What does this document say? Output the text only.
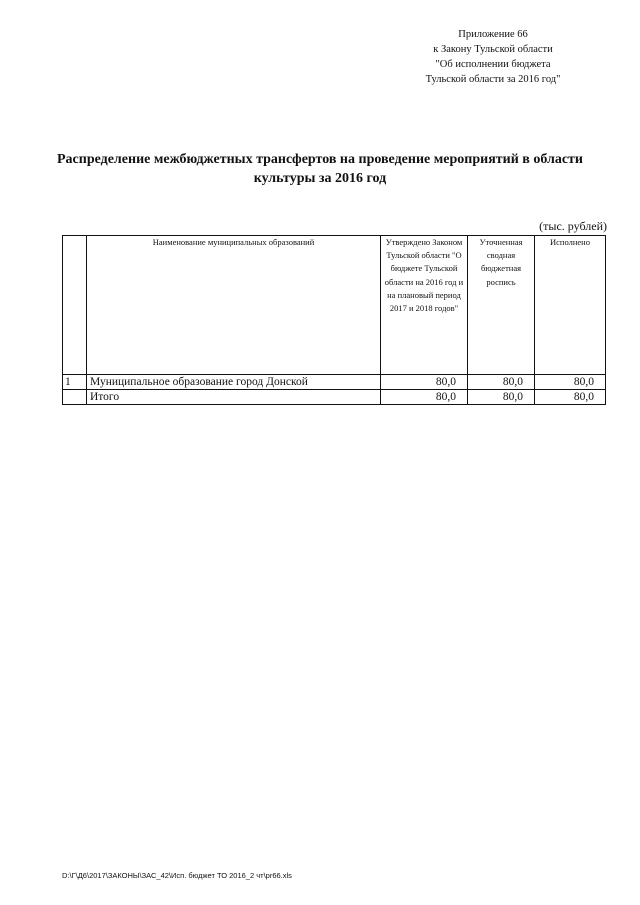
Приложение 66
к Закону Тульской области
"Об исполнении бюджета
Тульской области за 2016 год"
Распределение межбюджетных трансфертов на проведение мероприятий в области
культуры за 2016 год
(тыс. рублей)
	Наименование муниципальных образований	Утверждено Законом Тульской области "О бюджете Тульской области на 2016 год и на плановый период 2017 и 2018 годов"	Уточненная сводная бюджетная роспись	Исполнено
1	Муниципальное образование город Донской	80,0	80,0	80,0
	Итого	80,0	80,0	80,0
D:\Г\Д6\2017\ЗАКОНЫ\ЗАС_42\Исп. бюджет ТО 2016_2 чт\pr66.xls
